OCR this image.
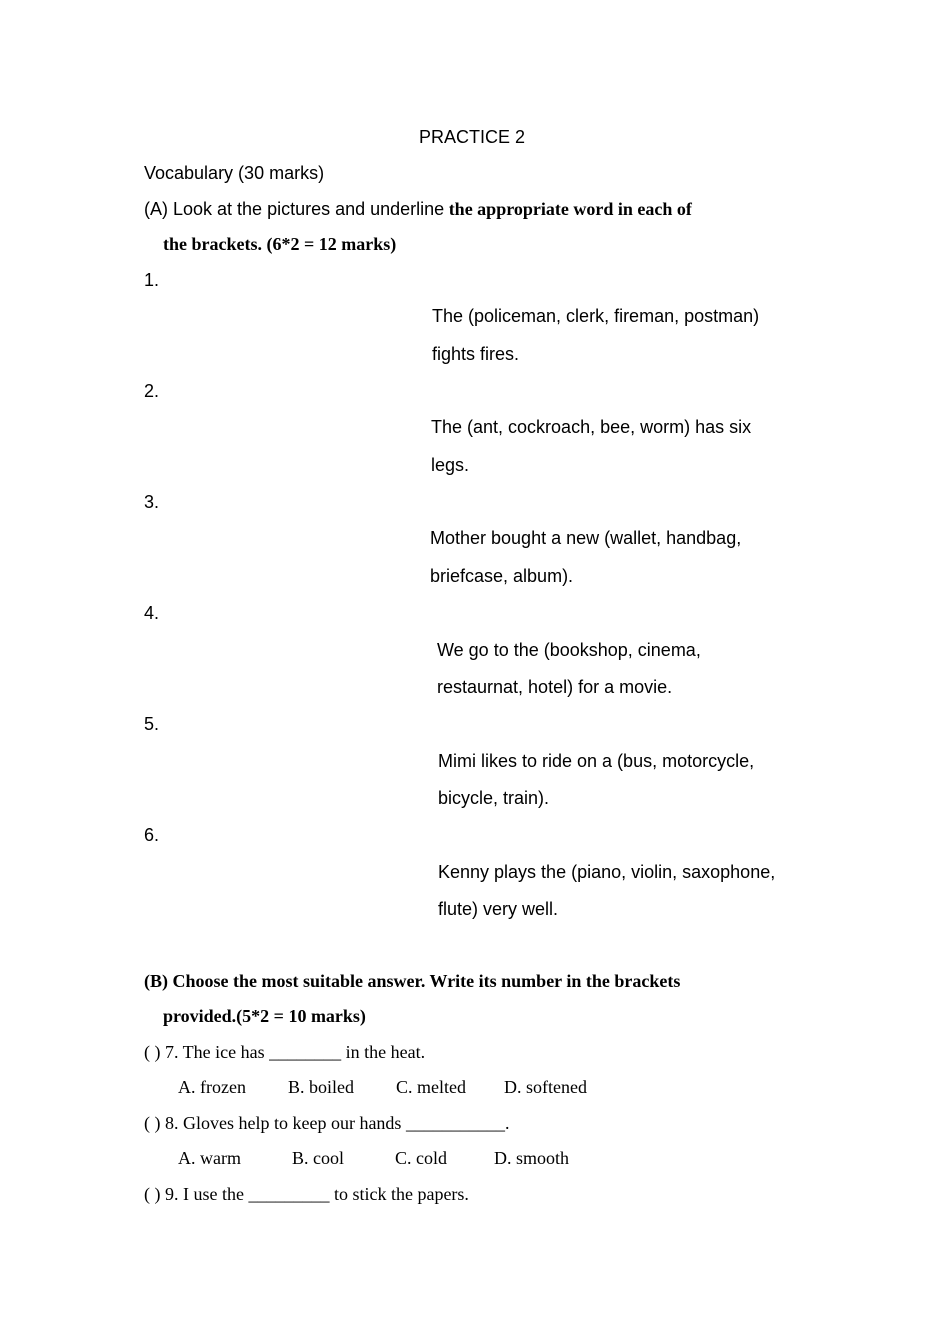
PRACTICE 2
Vocabulary (30 marks)
(A) Look at the pictures and underline the appropriate word in each of
the brackets. (6*2 = 12 marks)
1.
The (policeman, clerk, fireman, postman)
fights fires.
2.
The (ant, cockroach, bee, worm) has six
legs.
3.
Mother bought a new (wallet, handbag,
briefcase, album).
4.
We go to the (bookshop, cinema,
restaurnat, hotel) for a movie.
5.
Mimi likes to ride on a (bus, motorcycle,
bicycle, train).
6.
Kenny plays the (piano, violin, saxophone,
flute) very well.
(B) Choose the most suitable answer. Write its number in the brackets
provided.(5*2 = 10 marks)
( ) 7. The ice has ________ in the heat.
A. frozen B. boiled C. melted D. softened
( ) 8. Gloves help to keep our hands ___________.
A. warm	B. cool	C. cold	D. smooth
( ) 9. I use the _________ to stick the papers.
